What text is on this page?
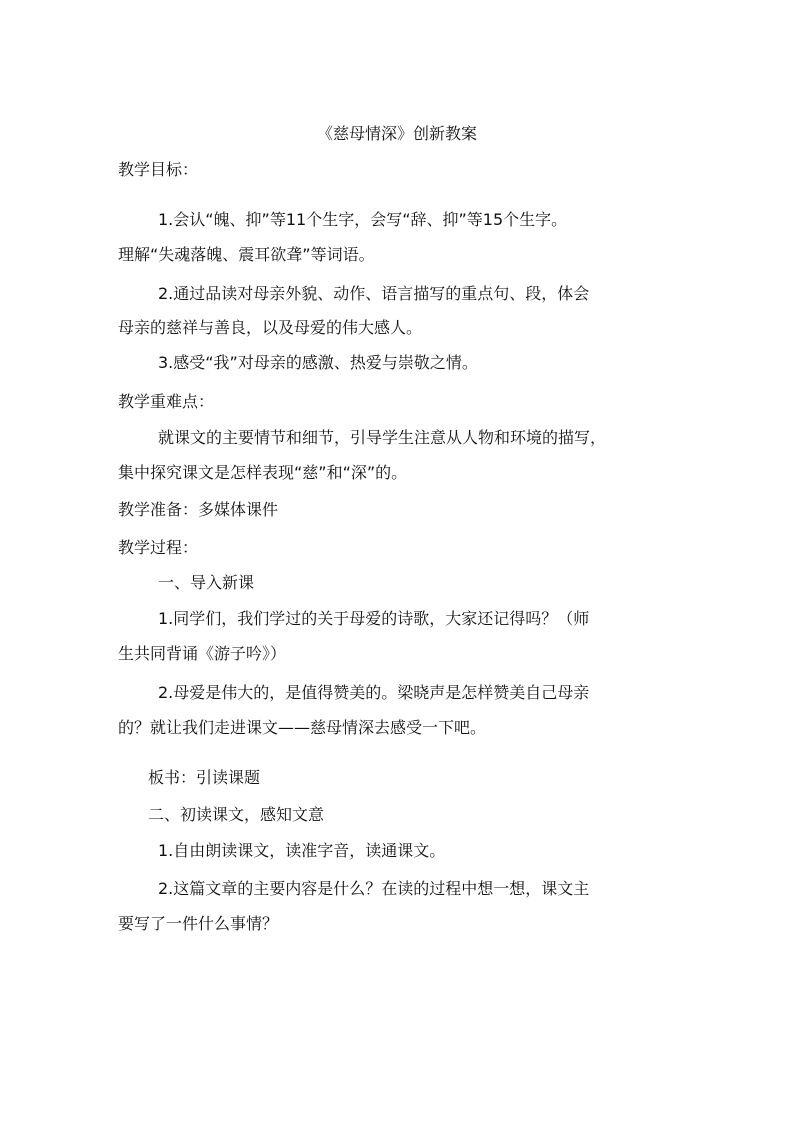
《慈母情深》创新教案
教学目标：
1.会认“魄、抑”等11个生字，会写“辞、抑”等15个生字。
理解“失魂落魄、震耳欲聋”等词语。
2.通过品读对母亲外貌、动作、语言描写的重点句、段，体会
母亲的慈祥与善良，以及母爱的伟大感人。
3.感受“我”对母亲的感激、热爱与崇敬之情。
教学重难点：
就课文的主要情节和细节，引导学生注意从人物和环境的描写，
集中探究课文是怎样表现“慈”和“深”的。
教学准备：多媒体课件
教学过程：
一、导入新课
1.同学们，我们学过的关于母爱的诗歌，大家还记得吗？（师
生共同背诵《游子吟》）
2.母爱是伟大的，是值得赞美的。梁晓声是怎样赞美自己母亲
的？就让我们走进课文——慈母情深去感受一下吧。
板书：引读课题
二、初读课文，感知文意
1.自由朗读课文，读准字音，读通课文。
2.这篇文章的主要内容是什么？在读的过程中想一想，课文主
要写了一件什么事情？
